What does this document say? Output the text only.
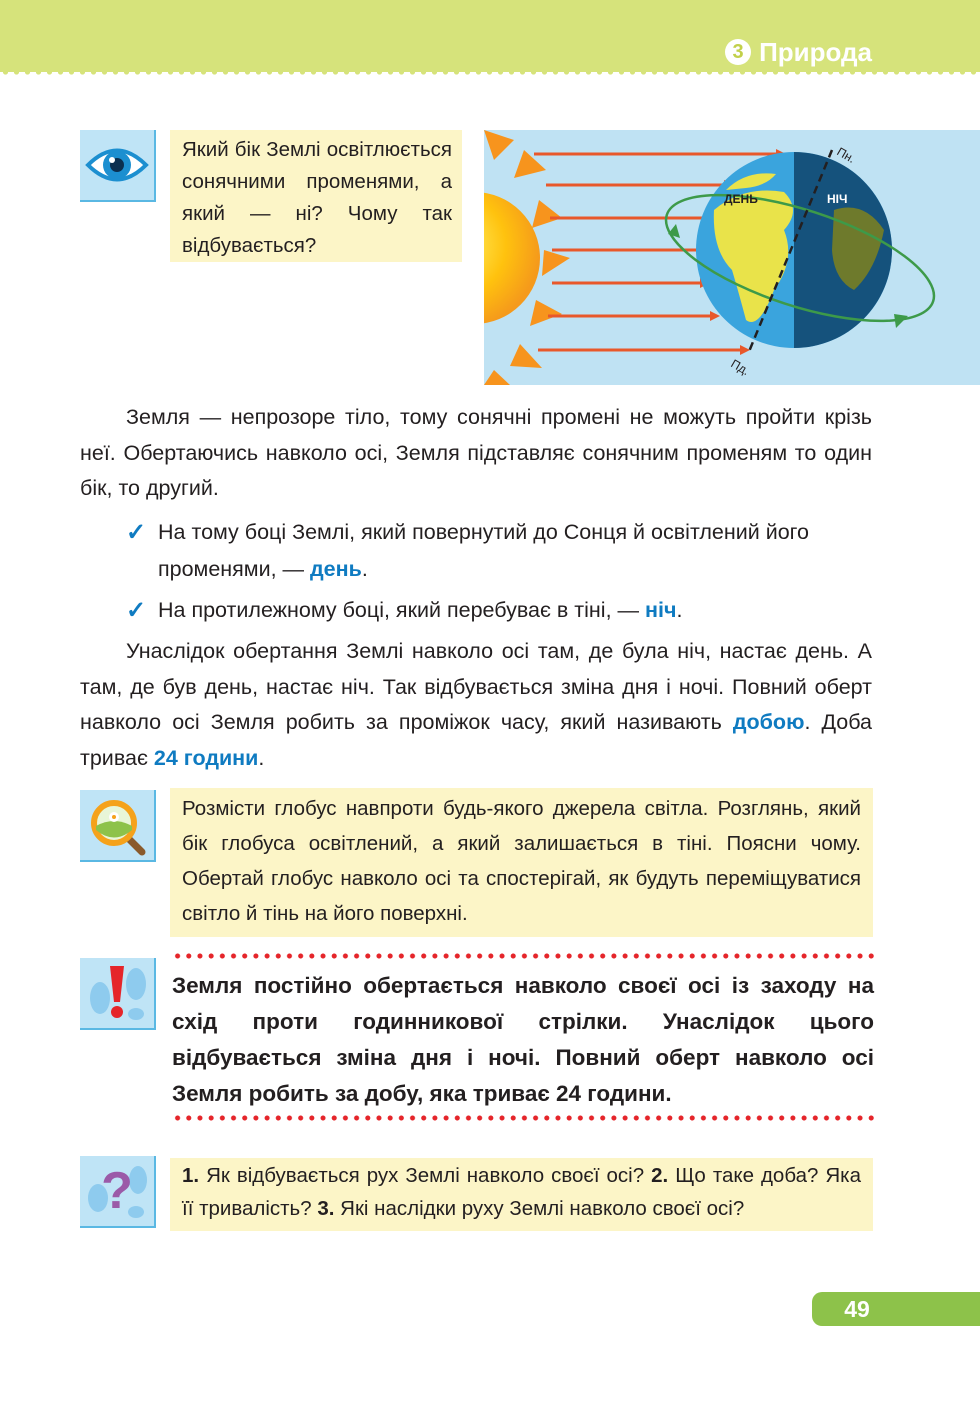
3 Природа
Який бік Землі освітлюється сонячними променями, а який — ні? Чому так відбувається?
ДЕНЬ	НІЧ
Пн.
Пд.
Земля — непрозоре тіло, тому сонячні промені не можуть пройти крізь неї. Обертаючись навколо осі, Земля підставляє сонячним променям то один бік, то другий.
✓ На тому боці Землі, який повернутий до Сонця й освітлений його променями, — день.
✓ На протилежному боці, який перебуває в тіні, — ніч.
Унаслідок обертання Землі навколо осі там, де була ніч, настає день. А там, де був день, настає ніч. Так відбувається зміна дня і ночі. Повний оберт навколо осі Земля робить за проміжок часу, який називають добою. Доба триває 24 години.
Розмісти глобус навпроти будь-якого джерела світла. Розглянь, який бік глобуса освітлений, а який залишається в тіні. Поясни чому. Обертай глобус навколо осі та спостерігай, як будуть переміщуватися світло й тінь на його поверхні.
Земля постійно обертається навколо своєї осі із заходу на схід проти годинникової стрілки. Унаслідок цього відбувається зміна дня і ночі. Повний оберт навколо осі Земля робить за добу, яка триває 24 години.
?	1. Як відбувається рух Землі навколо своєї осі? 2. Що таке доба? Яка її тривалість? 3. Які наслідки руху Землі навколо своєї осі?
49
